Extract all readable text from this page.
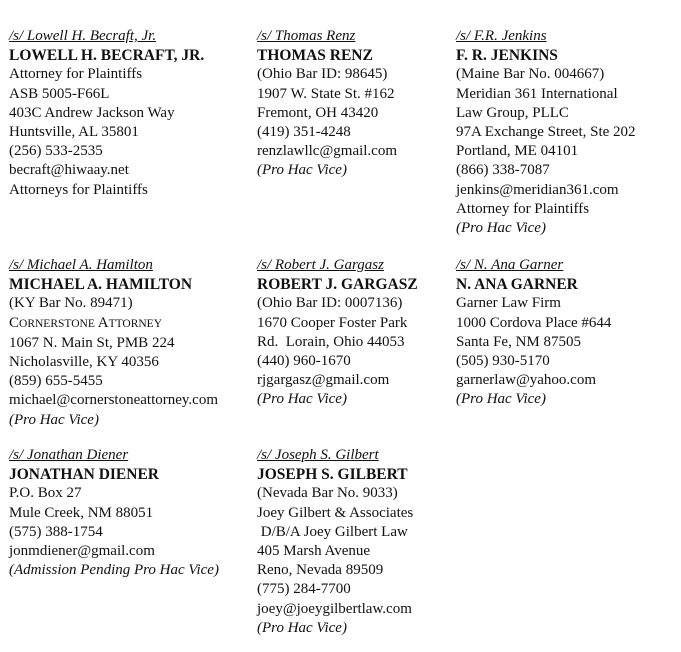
/s/ Lowell H. Becraft, Jr.
LOWELL H. BECRAFT, JR.
Attorney for Plaintiffs
ASB 5005-F66L
403C Andrew Jackson Way
Huntsville, AL 35801
(256) 533-2535
becraft@hiwaay.net
Attorneys for Plaintiffs
/s/ Thomas Renz
THOMAS RENZ
(Ohio Bar ID: 98645)
1907 W. State St. #162
Fremont, OH 43420
(419) 351-4248
renzlawllc@gmail.com
(Pro Hac Vice)
/s/ F.R. Jenkins
F. R. JENKINS
(Maine Bar No. 004667)
Meridian 361 International
Law Group, PLLC
97A Exchange Street, Ste 202
Portland, ME 04101
(866) 338-7087
jenkins@meridian361.com
Attorney for Plaintiffs
(Pro Hac Vice)
/s/ Michael A. Hamilton
MICHAEL A. HAMILTON
(KY Bar No. 89471)
CORNERSTONE ATTORNEY
1067 N. Main St, PMB 224
Nicholasville, KY 40356
(859) 655-5455
michael@cornerstoneattorney.com
(Pro Hac Vice)
/s/ Robert J. Gargasz
ROBERT J. GARGASZ
(Ohio Bar ID: 0007136)
1670 Cooper Foster Park
Rd.  Lorain, Ohio 44053
(440) 960-1670
rjgargasz@gmail.com
(Pro Hac Vice)
/s/ N. Ana Garner
N. ANA GARNER
Garner Law Firm
1000 Cordova Place #644
Santa Fe, NM 87505
(505) 930-5170
garnerlaw@yahoo.com
(Pro Hac Vice)
/s/ Jonathan Diener
JONATHAN DIENER
P.O. Box 27
Mule Creek, NM 88051
(575) 388-1754
jonmdiener@gmail.com
(Admission Pending Pro Hac Vice)
/s/ Joseph S. Gilbert
JOSEPH S. GILBERT
(Nevada Bar No. 9033)
Joey Gilbert & Associates
D/B/A Joey Gilbert Law
405 Marsh Avenue
Reno, Nevada 89509
(775) 284-7700
joey@joeygilbertlaw.com
(Pro Hac Vice)
